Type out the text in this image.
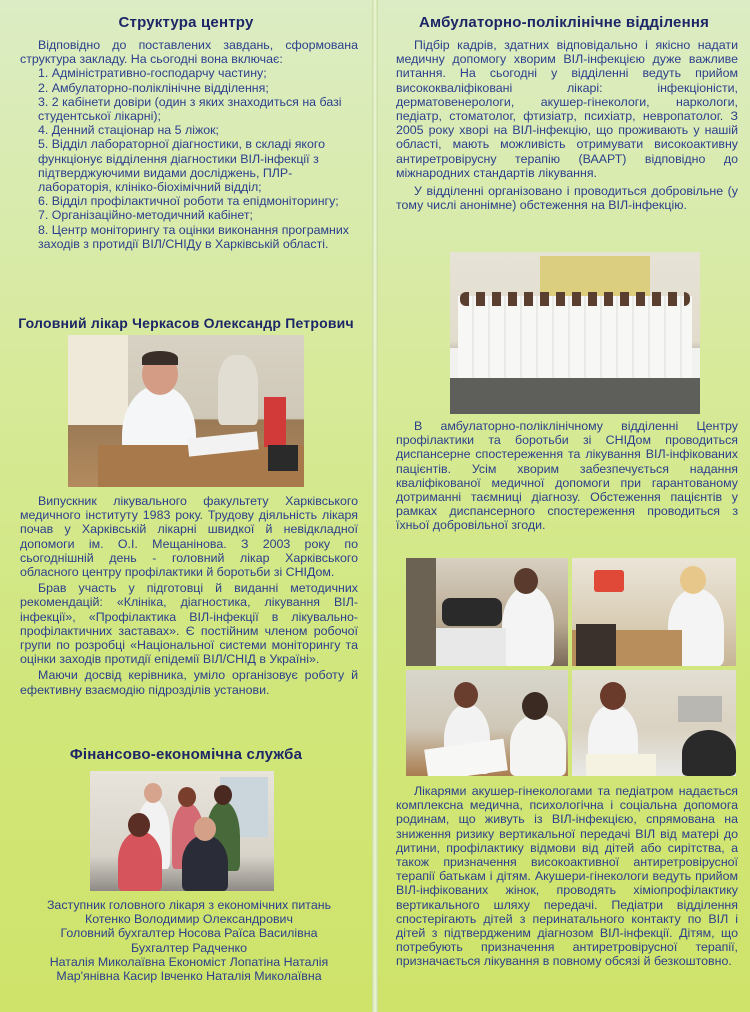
Структура центру

Відповідно до поставлених завдань, сформована структура закладу. На сьогодні вона включає:

1. Адміністративно-господарчу частину;
2. Амбулаторно-поліклінічне відділення;
3. 2 кабінети довіри (один з яких знаходиться на базі студентської лікарні);
4. Денний стаціонар на 5 ліжок;
5. Відділ лабораторної діагностики, в складі якого функціонує відділення діагностики ВІЛ-інфекції з підтверджуючими видами досліджень, ПЛР-лабораторія, клініко-біохімічний відділ;
6. Відділ профілактичної роботи та епідмоніторингу;
7. Організаційно-методичний кабінет;
8. Центр моніторингу та оцінки виконання програмних заходів з протидії ВІЛ/СНІДу в Харківській області.
Головний лікар Черкасов Олександр Петрович

Випускник лікувального факультету Харківського медичного інституту 1983 року. Трудову діяльність лікаря почав у Харківській лікарні швидкої й невідкладної допомоги ім. О.І. Мещанінова. З 2003 року по сьогоднішній день - головний лікар Харківського обласного центру профілактики й боротьби зі СНІДом.

Брав участь у підготовці й виданні методичних рекомендацій: «Клініка, діагностика, лікування ВІЛ-інфекції», «Профілактика ВІЛ-інфекції в лікувально-профілактичних заставах». Є постійним членом робочої групи по розробці «Національної системи моніторингу та оцінки заходів протидії епідемії ВІЛ/СНІД в Україні».

Маючи досвід керівника, умілo організовує роботу й ефективну взаємодію підрозділів установи.

Фінансово-економічна служба

Заступник головного лікаря з економічних питань

Котенко Володимир Олександрович

Головний бухгалтер Носова Раїса Василівна

Бухгалтер Радченко

Наталія Миколаївна Економіст Лопатіна Наталія

Мар'янівна Касир Івченко Наталія Миколаївна

Амбулаторно-поліклінічне відділення

Підбір кадрів, здатних відповідально і якісно надати медичну допомогу хворим ВІЛ-інфекцією дуже важливе питання. На сьогодні у відділенні ведуть прийом висококваліфіковані лікарі: інфекціоністи, дерматовенерологи, акушер-гінекологи, наркологи, педіатр, стоматолог, фтизіатр, психіатр, невропатолог. З 2005 року хворі на ВІЛ-інфекцію, що проживають у нашій області, мають можливість отримувати високоактивну антиретровірусну терапію (ВААРТ) відповідно до міжнародних стандартів лікування.

У відділенні організовано і проводиться добровільне (у тому числі анонімне) обстеження на ВІЛ-інфекцію.

В амбулаторно-поліклінічному відділенні Центру профілактики та боротьби зі СНІДом проводиться диспансерне спостереження та лікування ВІЛ-інфікованих пацієнтів. Усім хворим забезпечується надання кваліфікованої медичної допомоги при гарантованому дотриманні таємниці діагнозу. Обстеження пацієнтів у рамках диспансерного спостереження проводиться з їхньої добровільної згоди.

Лікарями акушер-гінекологами та педіатром надається комплексна медична, психологічна і соціальна допомога родинам, що живуть із ВІЛ-інфекцією, спрямована на зниження ризику вертикальної передачі ВІЛ від матері до дитини, профілактику відмови від дітей або сирітства, а також призначення високоактивної антиретровірусної терапії батькам і дітям. Акушери-гінекологи ведуть прийом ВІЛ-інфікованих жінок, проводять хіміопрофілактику вертикального шляху передачі. Педіатри відділення спостерігають дітей з перинатального контакту по ВІЛ і дітей з підтвердженим діагнозом ВІЛ-інфекції. Дітям, що потребують призначення антиретровірусної терапії, призначається лікування в повному обсязі й безкоштовно.
